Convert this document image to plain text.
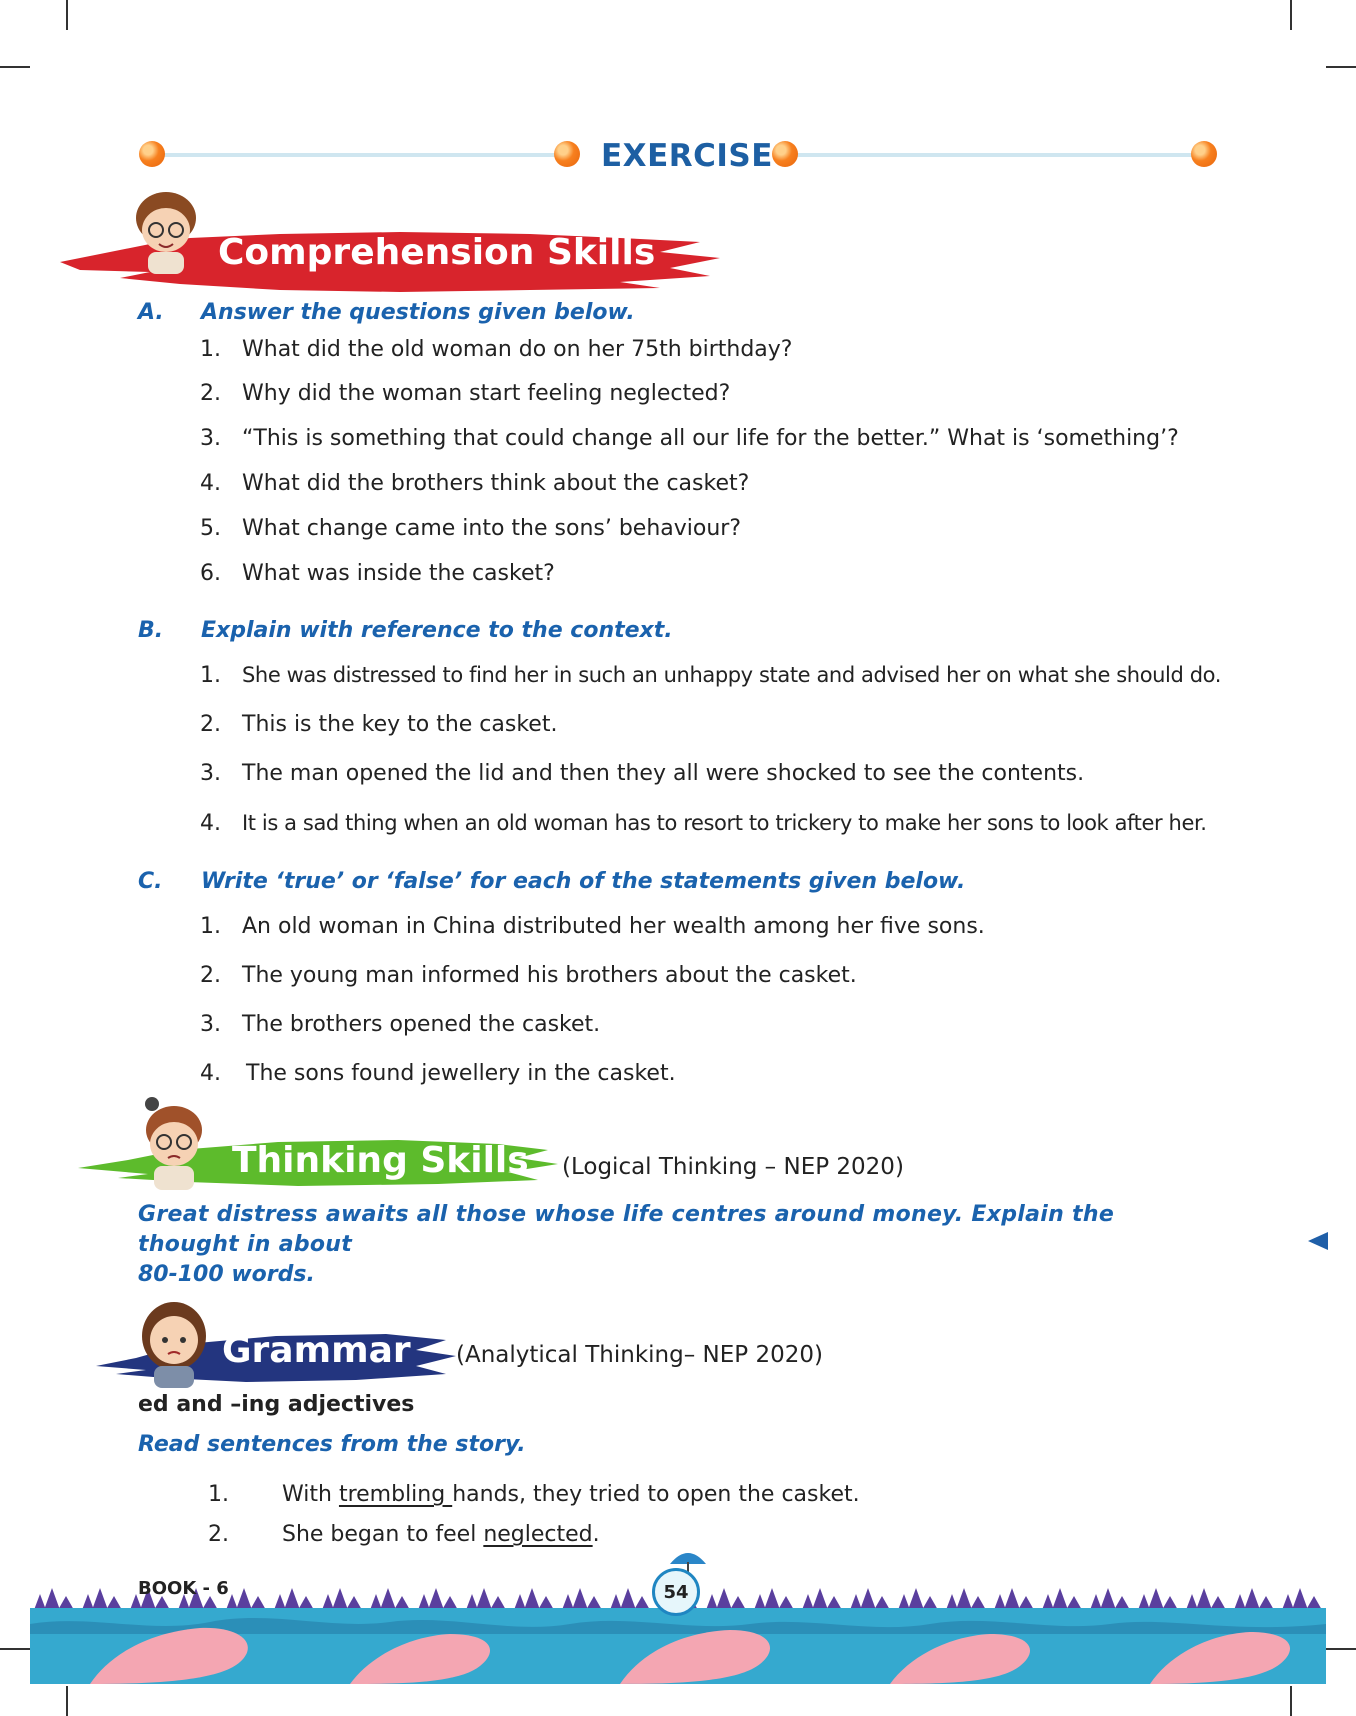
EXERCISE
Comprehension Skills
A. Answer the questions given below.
1. What did the old woman do on her 75th birthday?
2. Why did the woman start feeling neglected?
3. “This is something that could change all our life for the better.” What is ‘something’?
4. What did the brothers think about the casket?
5. What change came into the sons’ behaviour?
6. What was inside the casket?
B. Explain with reference to the context.
1. She was distressed to find her in such an unhappy state and advised her on what she should do.
2. This is the key to the casket.
3. The man opened the lid and then they all were shocked to see the contents.
4. It is a sad thing when an old woman has to resort to trickery to make her sons to look after her.
C. Write ‘true’ or ‘false’ for each of the statements given below.
1. An old woman in China distributed her wealth among her five sons.
2. The young man informed his brothers about the casket.
3. The brothers opened the casket.
4. The sons found jewellery in the casket.
Thinking Skills (Logical Thinking – NEP 2020)
Great distress awaits all those whose life centres around money. Explain the thought in about
80-100 words.
Grammar (Analytical Thinking– NEP 2020)
ed and –ing adjectives
Read sentences from the story.
1. With trembling hands, they tried to open the casket.
2. She began to feel neglected.
BOOK - 6	54
